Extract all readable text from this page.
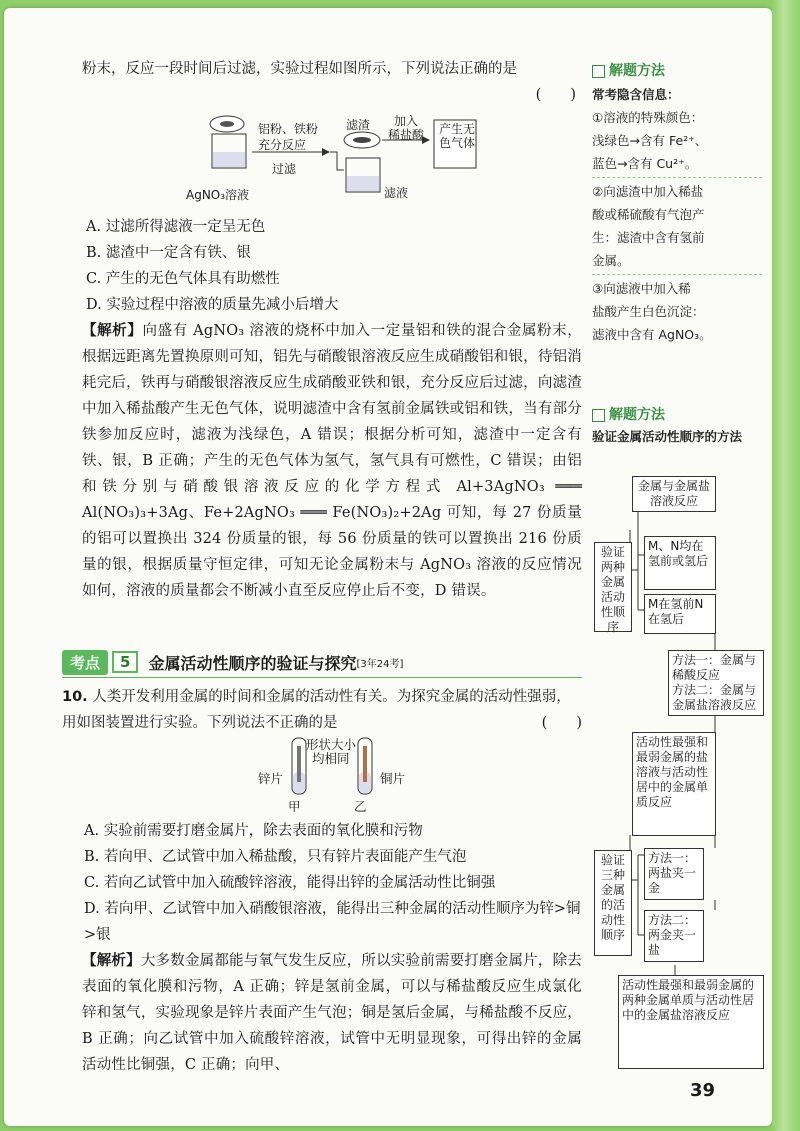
粉末，反应一段时间后过滤，实验过程如图所示，下列说法正确的是

(　　)

AgNO₃溶液
铝粉、铁粉
充分反应
过滤
滤渣
滤液
加入
稀盐酸 产生无色气体

A. 过滤所得滤液一定呈无色

B. 滤渣中一定含有铁、银

C. 产生的无色气体具有助燃性

D. 实验过程中溶液的质量先减小后增大

【解析】向盛有 AgNO₃ 溶液的烧杯中加入一定量铝和铁的混合金属粉末，根据远距离先置换原则可知，铝先与硝酸银溶液反应生成硝酸铝和银，待铝消耗完后，铁再与硝酸银溶液反应生成硝酸亚铁和银，充分反应后过滤，向滤渣中加入稀盐酸产生无色气体，说明滤渣中含有氢前金属铁或铝和铁，当有部分铁参加反应时，滤液为浅绿色，A 错误；根据分析可知，滤渣中一定含有铁、银，B 正确；产生的无色气体为氢气，氢气具有可燃性，C 错误；由铝和铁分别与硝酸银溶液反应的化学方程式 Al+3AgNO₃ ═══ Al(NO₃)₃+3Ag、Fe+2AgNO₃ ═══ Fe(NO₃)₂+2Ag 可知，每 27 份质量的铝可以置换出 324 份质量的银，每 56 份质量的铁可以置换出 216 份质量的银，根据质量守恒定律，可知无论金属粉末与 AgNO₃ 溶液的反应情况如何，溶液的质量都会不断减小直至反应停止后不变，D 错误。

考点	5	金属活动性顺序的验证与探究 [3年24考]

10. 人类开发利用金属的时间和金属的活动性有关。为探究金属的活动性强弱，用如图装置进行实验。下列说法不正确的是	(　　)

形状大小
均相同
锌片	铜片
甲	乙

A. 实验前需要打磨金属片，除去表面的氧化膜和污物

B. 若向甲、乙试管中加入稀盐酸，只有锌片表面能产生气泡

C. 若向乙试管中加入硫酸锌溶液，能得出锌的金属活动性比铜强

D. 若向甲、乙试管中加入硝酸银溶液，能得出三种金属的活动性顺序为锌>铜>银

【解析】大多数金属都能与氧气发生反应，所以实验前需要打磨金属片，除去表面的氧化膜和污物，A 正确；锌是氢前金属，可以与稀盐酸反应生成氯化锌和氢气，实验现象是锌片表面产生气泡；铜是氢后金属，与稀盐酸不反应，B 正确；向乙试管中加入硫酸锌溶液，试管中无明显现象，可得出锌的金属活动性比铜强，C 正确；向甲、

解题方法
常考隐含信息：
①溶液的特殊颜色：
浅绿色→含有 Fe²⁺、
蓝色→含有 Cu²⁺。
②向滤渣中加入稀盐
酸或稀硫酸有气泡产
生：滤渣中含有氢前
金属。
③向滤液中加入稀
盐酸产生白色沉淀：
滤液中含有 AgNO₃。
解题方法
验证金属活动性顺序的方法
金属与金属盐溶液反应
验证两种金属活动性顺序
M、N均在氢前或氢后
M在氢前N在氢后
方法一：金属与稀酸反应
方法二：金属与金属盐溶液反应
活动性最强和最弱金属的盐溶液与活动性居中的金属单质反应
验证三种金属的活动性顺序
方法一：两盐夹一金
方法二：两金夹一盐
活动性最强和最弱金属的两种金属单质与活动性居中的金属盐溶液反应
39
